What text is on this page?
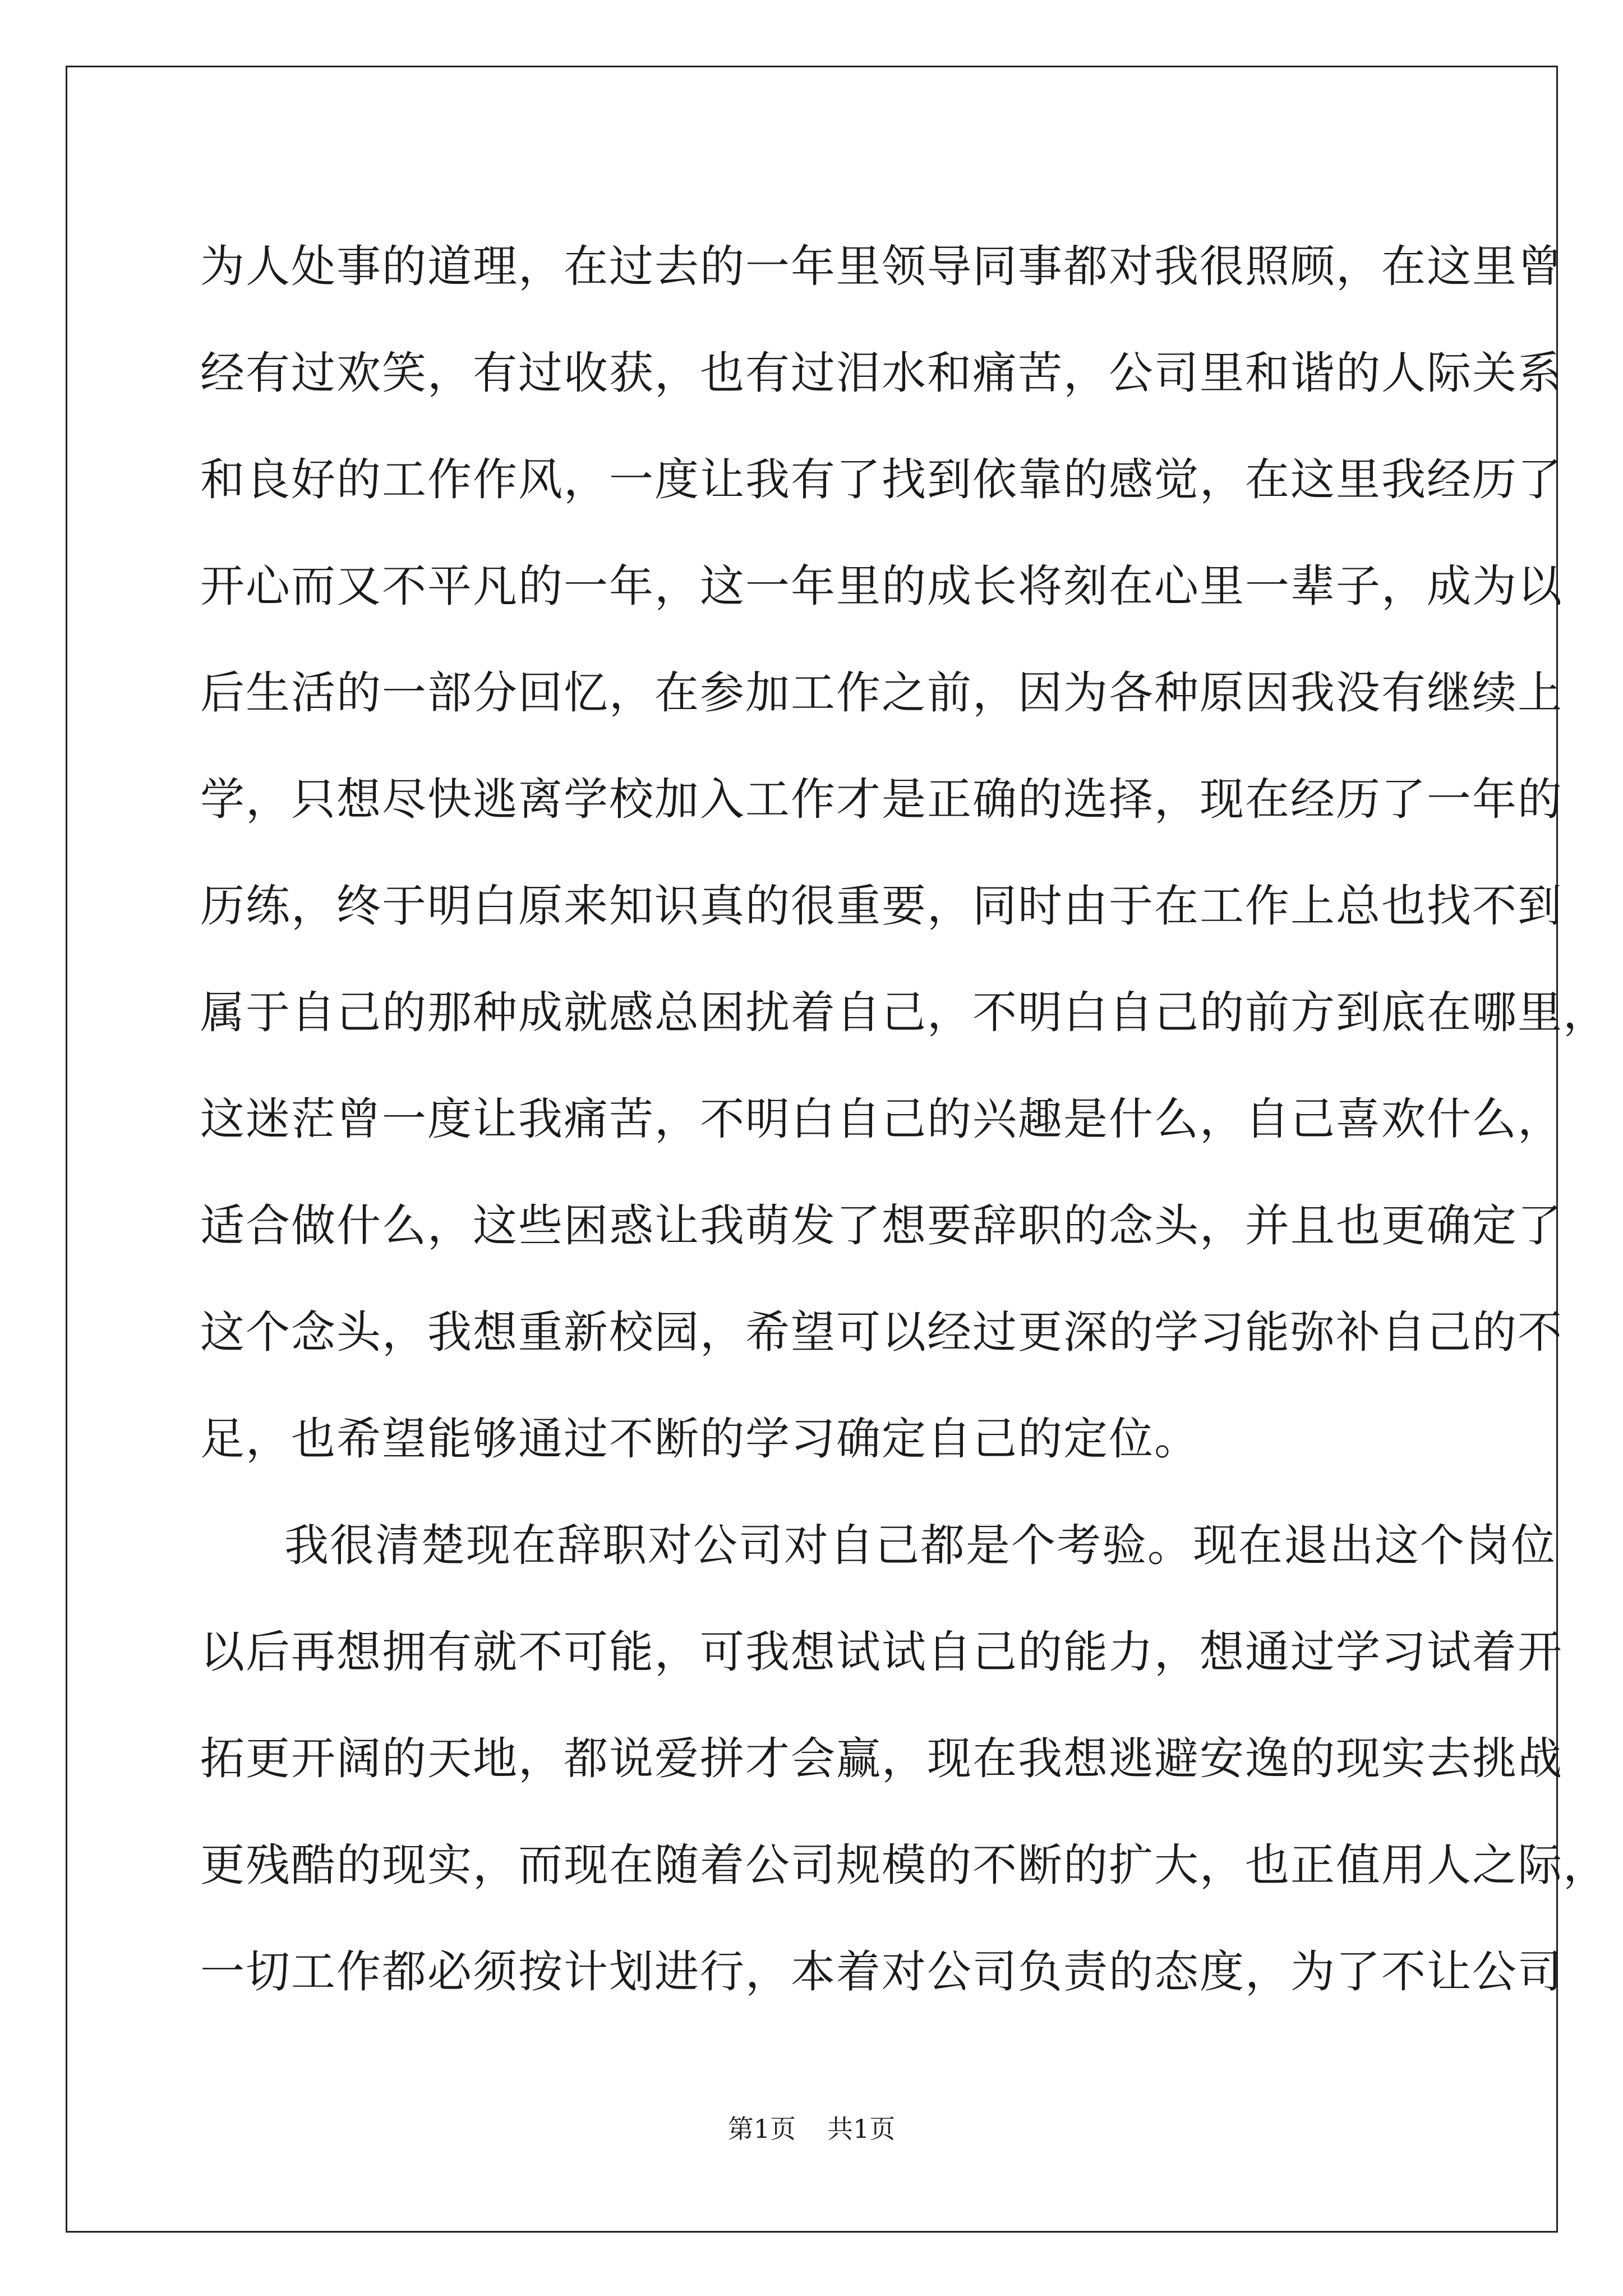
为人处事的道理，在过去的一年里领导同事都对我很照顾，在这里曾
经有过欢笑，有过收获，也有过泪水和痛苦，公司里和谐的人际关系
和良好的工作作风，一度让我有了找到依靠的感觉，在这里我经历了
开心而又不平凡的一年，这一年里的成长将刻在心里一辈子，成为以
后生活的一部分回忆，在参加工作之前，因为各种原因我没有继续上
学，只想尽快逃离学校加入工作才是正确的选择，现在经历了一年的
历练，终于明白原来知识真的很重要，同时由于在工作上总也找不到
属于自己的那种成就感总困扰着自己，不明白自己的前方到底在哪里，
这迷茫曾一度让我痛苦，不明白自己的兴趣是什么，自己喜欢什么，
适合做什么，这些困惑让我萌发了想要辞职的念头，并且也更确定了
这个念头，我想重新校园，希望可以经过更深的学习能弥补自己的不
足，也希望能够通过不断的学习确定自己的定位。
我很清楚现在辞职对公司对自己都是个考验。现在退出这个岗位
以后再想拥有就不可能，可我想试试自己的能力，想通过学习试着开
拓更开阔的天地，都说爱拼才会赢，现在我想逃避安逸的现实去挑战
更残酷的现实，而现在随着公司规模的不断的扩大，也正值用人之际，
一切工作都必须按计划进行，本着对公司负责的态度，为了不让公司
第1页 共1页
